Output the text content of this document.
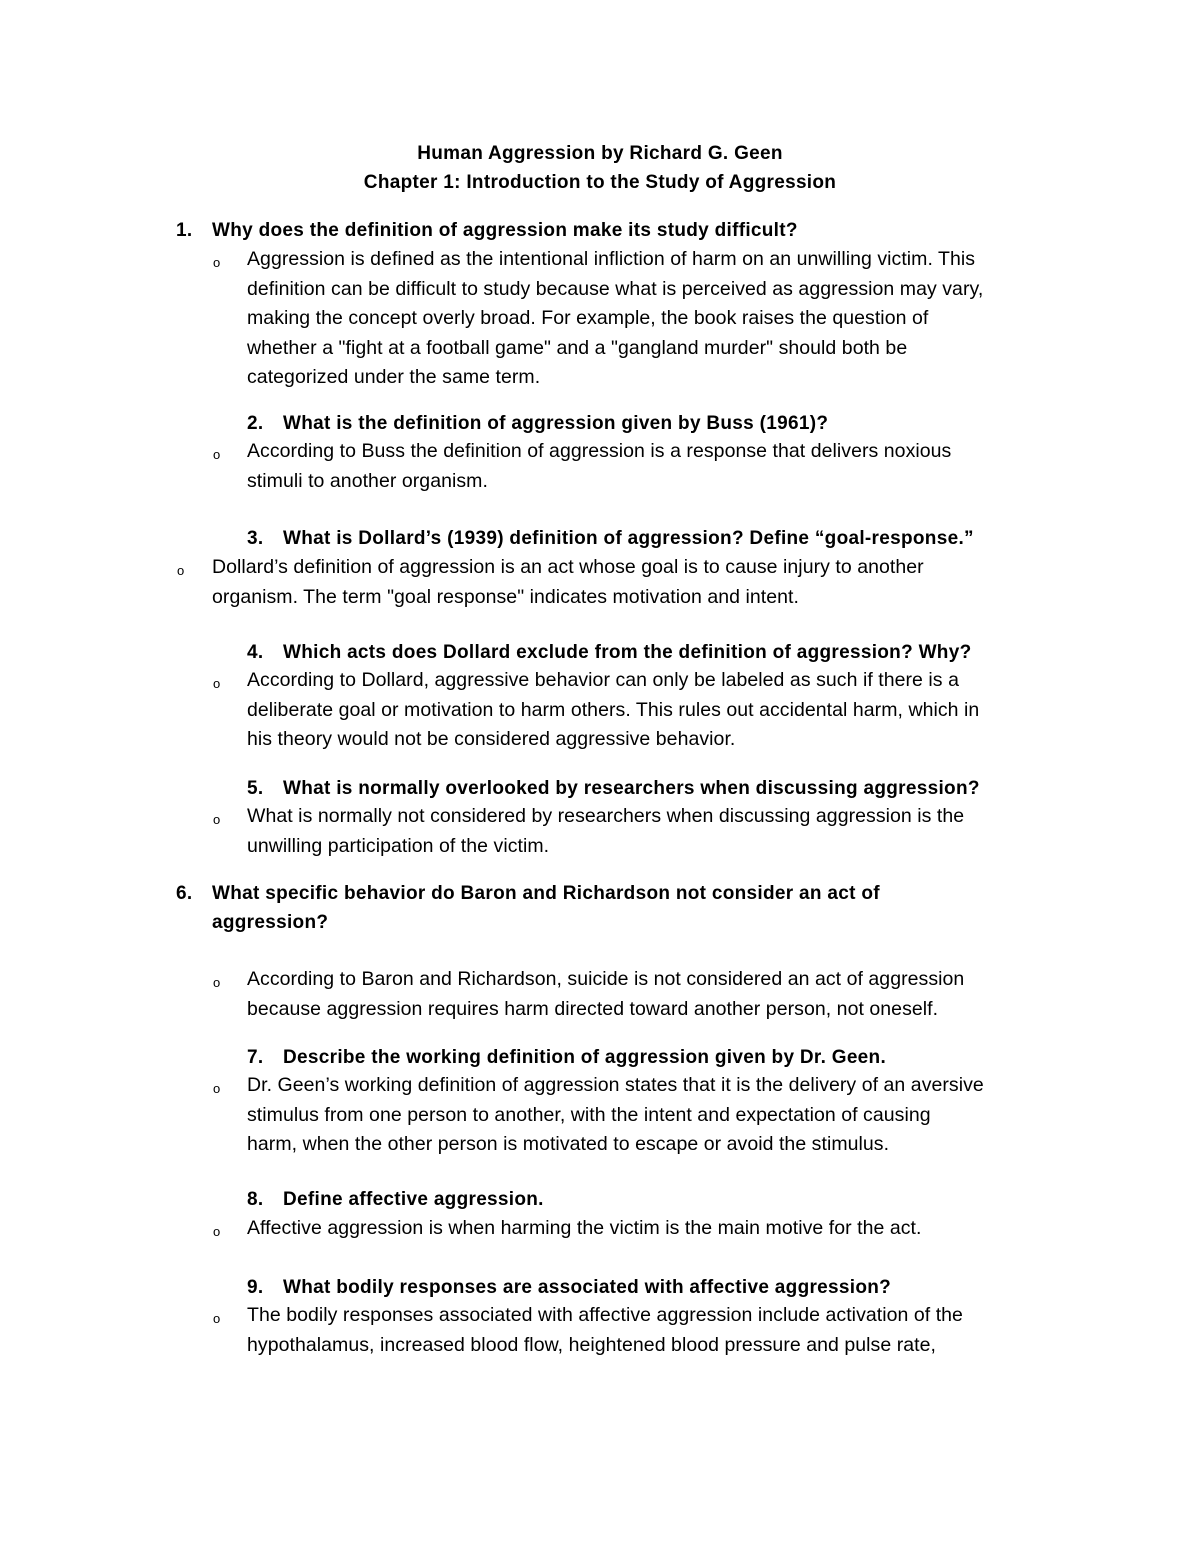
Human Aggression by Richard G. Geen
Chapter 1: Introduction to the Study of Aggression
1. Why does the definition of aggression make its study difficult?
o Aggression is defined as the intentional infliction of harm on an unwilling victim. This
definition can be difficult to study because what is perceived as aggression may vary,
making the concept overly broad. For example, the book raises the question of
whether a "fight at a football game" and a "gangland murder" should both be
categorized under the same term.
2. What is the definition of aggression given by Buss (1961)?
o According to Buss the definition of aggression is a response that delivers noxious
stimuli to another organism.
3. What is Dollard’s (1939) definition of aggression? Define “goal-response.”
o Dollard’s definition of aggression is an act whose goal is to cause injury to another
organism. The term "goal response" indicates motivation and intent.
4. Which acts does Dollard exclude from the definition of aggression? Why?
o According to Dollard, aggressive behavior can only be labeled as such if there is a
deliberate goal or motivation to harm others. This rules out accidental harm, which in
his theory would not be considered aggressive behavior.
5. What is normally overlooked by researchers when discussing aggression?
o What is normally not considered by researchers when discussing aggression is the
unwilling participation of the victim.
6.	What specific behavior do Baron and Richardson not consider an act of
aggression?
o According to Baron and Richardson, suicide is not considered an act of aggression
because aggression requires harm directed toward another person, not oneself.
7. Describe the working definition of aggression given by Dr. Geen.
o Dr. Geen’s working definition of aggression states that it is the delivery of an aversive
stimulus from one person to another, with the intent and expectation of causing
harm, when the other person is motivated to escape or avoid the stimulus.
8. Define affective aggression.
o Affective aggression is when harming the victim is the main motive for the act.
9. What bodily responses are associated with affective aggression?
o The bodily responses associated with affective aggression include activation of the
hypothalamus, increased blood flow, heightened blood pressure and pulse rate,
